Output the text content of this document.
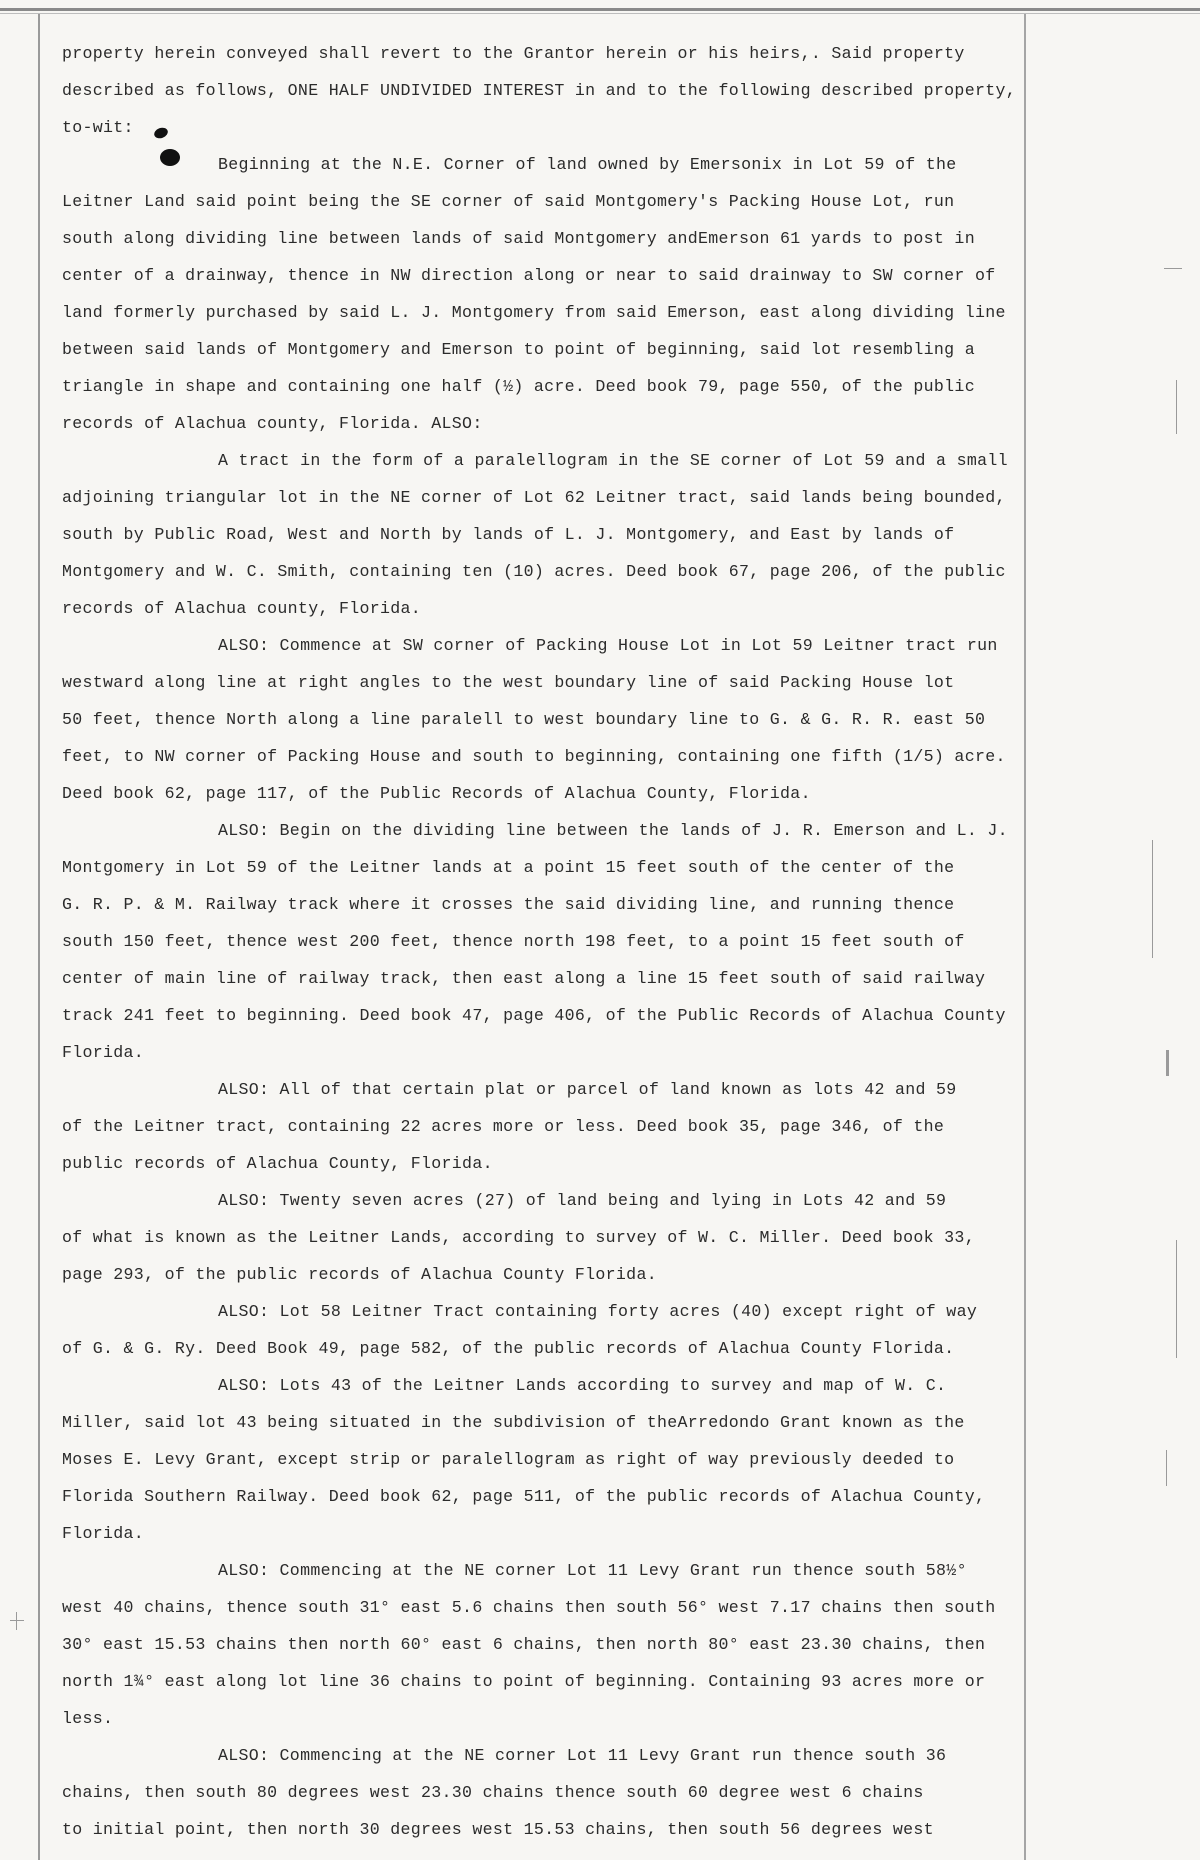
property herein conveyed shall revert to the Grantor herein or his heirs,. Said property
described as follows, ONE HALF UNDIVIDED INTEREST in and to the following described property,
to-wit:
Beginning at the N.E. Corner of land owned by Emersonix in Lot 59 of the
Leitner Land said point being the SE corner of said Montgomery's Packing House Lot, run
south along dividing line between lands of said Montgomery andEmerson 61 yards to post in
center of a drainway, thence in NW direction along or near to said drainway to SW corner of
land formerly purchased by said L. J. Montgomery from said Emerson, east along dividing line
between said lands of Montgomery and Emerson to point of beginning, said lot resembling a
triangle in shape and containing one half (½) acre. Deed book 79, page 550, of the public
records of Alachua county, Florida. ALSO:
A tract in the form of a paralellogram in the SE corner of Lot 59 and a small
adjoining triangular lot in the NE corner of Lot 62 Leitner tract, said lands being bounded,
south by Public Road, West and North by lands of L. J. Montgomery, and East by lands of
Montgomery and W. C. Smith, containing ten (10) acres. Deed book 67, page 206, of the public
records of Alachua county, Florida.
ALSO: Commence at SW corner of Packing House Lot in Lot 59 Leitner tract run
westward along line at right angles to the west boundary line of said Packing House lot
50 feet, thence North along a line paralell to west boundary line to G. & G. R. R. east 50
feet, to NW corner of Packing House and south to beginning, containing one fifth (1/5) acre.
Deed book 62, page 117, of the Public Records of Alachua County, Florida.
ALSO: Begin on the dividing line between the lands of J. R. Emerson and L. J.
Montgomery in Lot 59 of the Leitner lands at a point 15 feet south of the center of the
G. R. P. & M. Railway track where it crosses the said dividing line, and running thence
south 150 feet, thence west 200 feet, thence north 198 feet, to a point 15 feet south of
center of main line of railway track, then east along a line 15 feet south of said railway
track 241 feet to beginning. Deed book 47, page 406, of the Public Records of Alachua County
Florida.
ALSO: All of that certain plat or parcel of land known as lots 42 and 59
of the Leitner tract, containing 22 acres more or less. Deed book 35, page 346, of the
public records of Alachua County, Florida.
ALSO: Twenty seven acres (27) of land being and lying in Lots 42 and 59
of what is known as the Leitner Lands, according to survey of W. C. Miller. Deed book 33,
page 293, of the public records of Alachua County Florida.
ALSO: Lot 58 Leitner Tract containing forty acres (40) except right of way
of G. & G. Ry. Deed Book 49, page 582, of the public records of Alachua County Florida.
ALSO: Lots 43 of the Leitner Lands according to survey and map of W. C.
Miller, said lot 43 being situated in the subdivision of theArredondo Grant known as the
Moses E. Levy Grant, except strip or paralellogram as right of way previously deeded to
Florida Southern Railway. Deed book 62, page 511, of the public records of Alachua County,
Florida.
ALSO: Commencing at the NE corner Lot 11 Levy Grant run thence south 58½°
west 40 chains, thence south 31° east 5.6 chains then south 56° west 7.17 chains then south
30° east 15.53 chains then north 60° east 6 chains, then north 80° east 23.30 chains, then
north 1¾° east along lot line 36 chains to point of beginning. Containing 93 acres more or
less.
ALSO: Commencing at the NE corner Lot 11 Levy Grant run thence south 36
chains, then south 80 degrees west 23.30 chains thence south 60 degree west 6 chains
to initial point, then north 30 degrees west 15.53 chains, then south 56 degrees west
